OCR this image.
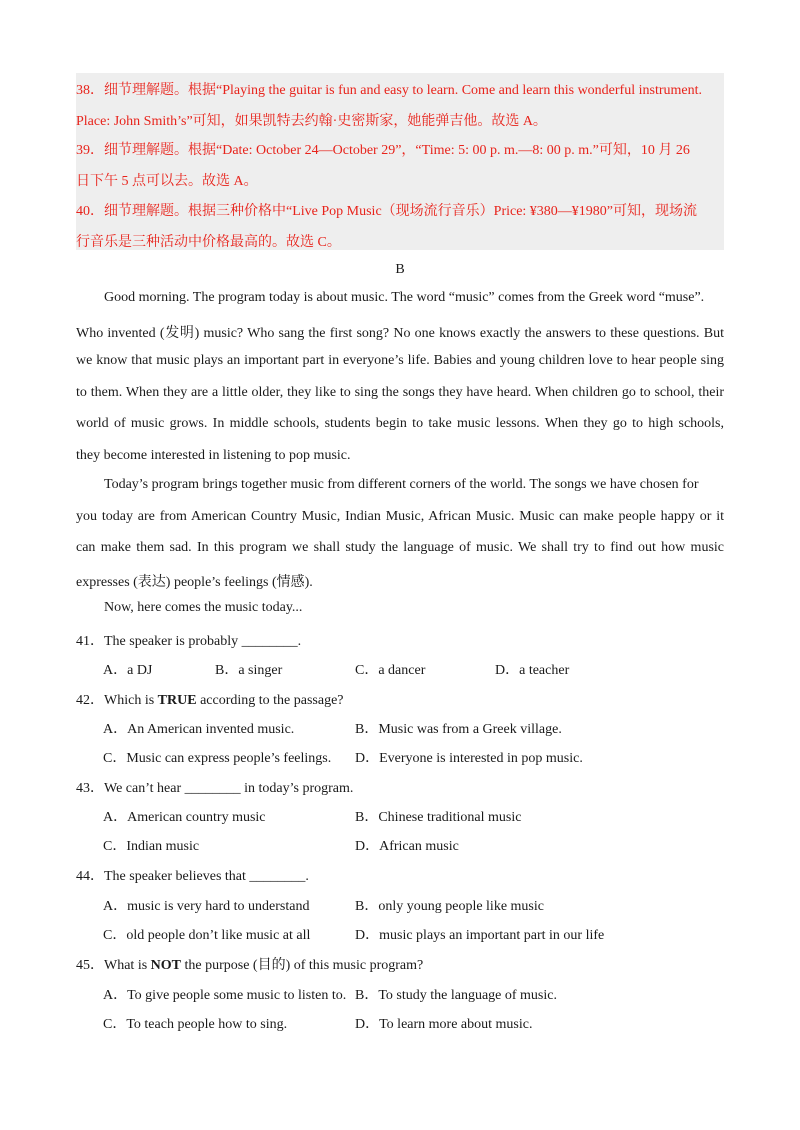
38．细节理解题。根据“Playing the guitar is fun and easy to learn. Come and learn this wonderful instrument.
Place: John Smith’s”可知，如果凯特去约翰·史密斯家，她能弹吉他。故选 A。
39．细节理解题。根据“Date: October 24—October 29”，“Time: 5: 00 p. m.—8: 00 p. m.”可知，10 月 26
日下午 5 点可以去。故选 A。
40．细节理解题。根据三种价格中“Live Pop Music（现场流行音乐）Price: ¥380—¥1980”可知，现场流
行音乐是三种活动中价格最高的。故选 C。
B
Good morning. The program today is about music. The word “music” comes from the Greek word “muse”.
Who invented (发明) music? Who sang the first song? No one knows exactly the answers to these questions. But
we know that music plays an important part in everyone’s life. Babies and young children love to hear people sing
to them. When they are a little older, they like to sing the songs they have heard. When children go to school, their
world of music grows. In middle schools, students begin to take music lessons. When they go to high schools,
they become interested in listening to pop music.
Today’s program brings together music from different corners of the world. The songs we have chosen for
you today are from American Country Music, Indian Music, African Music. Music can make people happy or it
can make them sad. In this program we shall study the language of music. We shall try to find out how music
expresses (表达) people’s feelings (情感).
Now, here comes the music today...
41．The speaker is probably ________.
A．a DJ	B．a singer	C．a dancer	D．a teacher
42．Which is TRUE according to the passage?
A．An American invented music.	B．Music was from a Greek village.
C．Music can express people’s feelings. D．Everyone is interested in pop music.
43．We can’t hear ________ in today’s program.
A．American country music	B．Chinese traditional music
C．Indian music	D．African music
44．The speaker believes that ________.
A．music is very hard to understand	B．only young people like music
C．old people don’t like music at all	D．music plays an important part in our life
45．What is NOT the purpose (目的) of this music program?
A．To give people some music to listen to. B．To study the language of music.
C．To teach people how to sing.	D．To learn more about music.
